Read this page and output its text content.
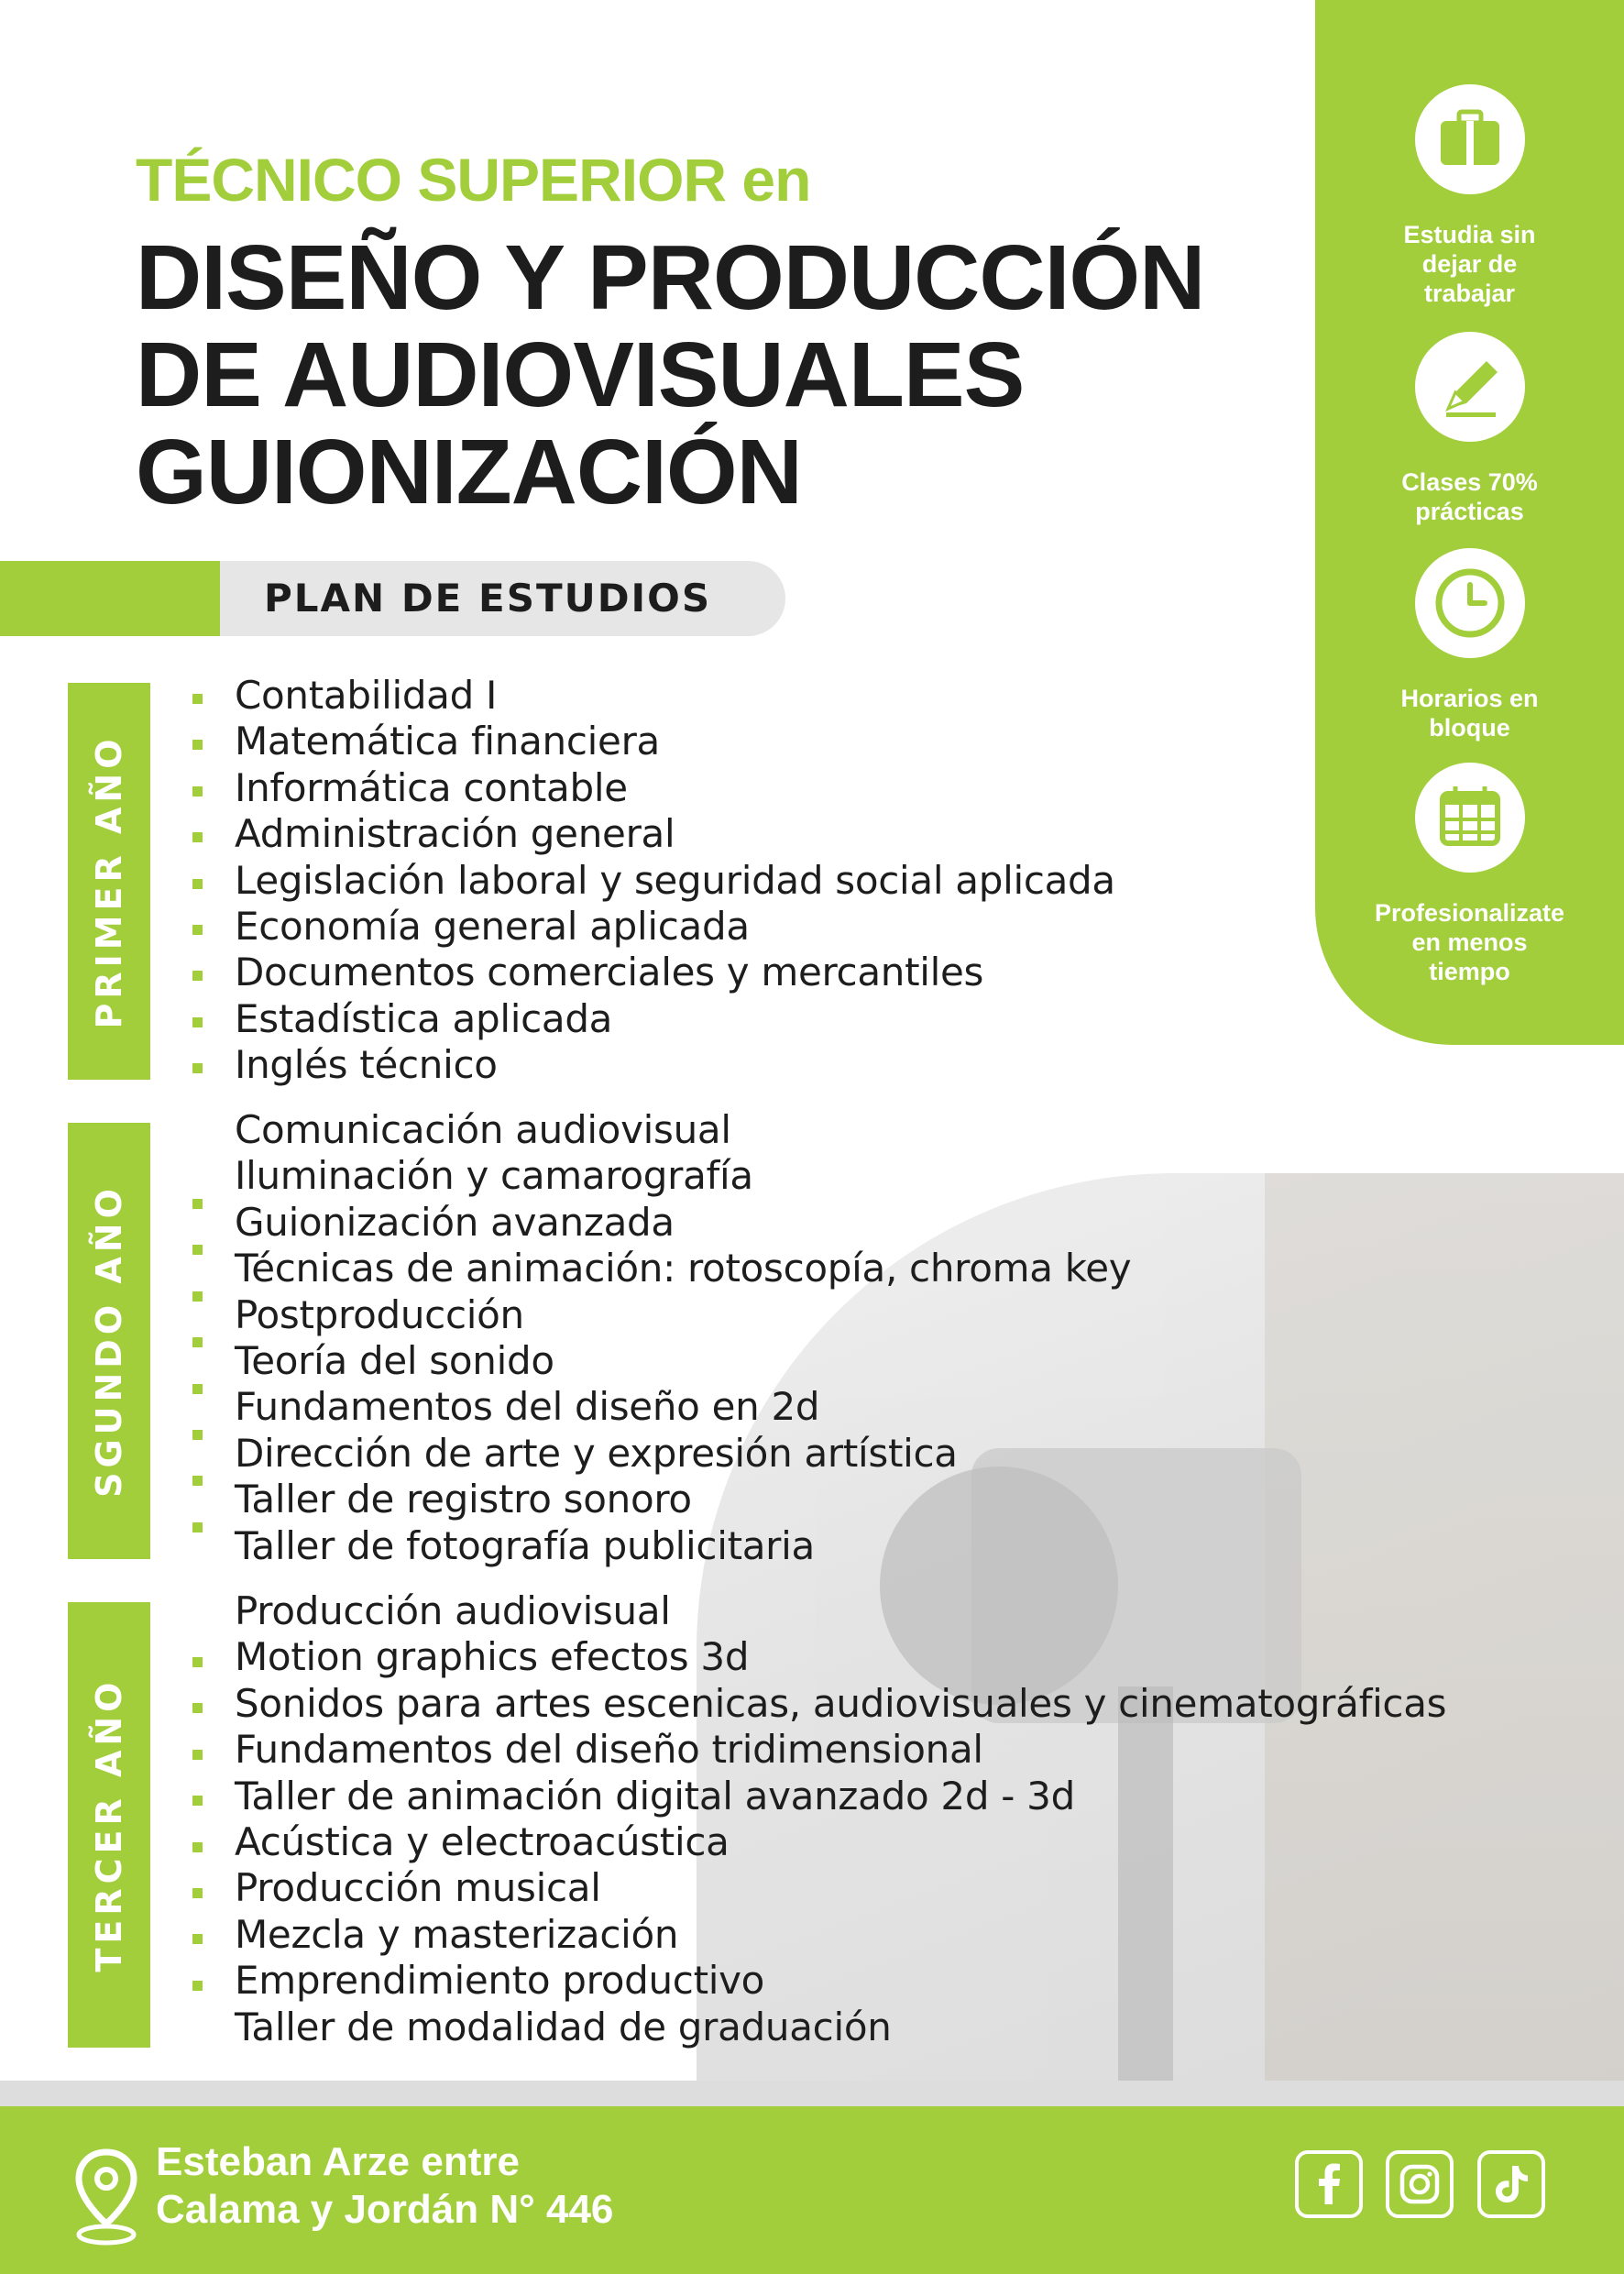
TÉCNICO SUPERIOR en
DISEÑO Y PRODUCCIÓN
DE AUDIOVISUALES
GUIONIZACIÓN
Estudia sin
dejar de
trabajar
Clases 70%
prácticas
Horarios en
bloque
Profesionalizate
en menos
tiempo
PLAN DE ESTUDIOS
PRIMER AÑO
Contabilidad I
Matemática financiera
Informática contable
Administración general
Legislación laboral y seguridad social aplicada
Economía general aplicada
Documentos comerciales y mercantiles
Estadística aplicada
Inglés técnico
SGUNDO AÑO
Comunicación audiovisual
Iluminación y camarografía
Guionización avanzada
Técnicas de animación: rotoscopía, chroma key
Postproducción
Teoría del sonido
Fundamentos del diseño en 2d
Dirección de arte y expresión artística
Taller de registro sonoro
Taller de fotografía publicitaria
TERCER AÑO
Producción audiovisual
Motion graphics efectos 3d
Sonidos para artes escenicas, audiovisuales y cinematográficas
Fundamentos del diseño tridimensional
Taller de animación digital avanzado 2d - 3d
Acústica y electroacústica
Producción musical
Mezcla y masterización
Emprendimiento productivo
Taller de modalidad de graduación
Esteban Arze entre
Calama y Jordán N° 446
